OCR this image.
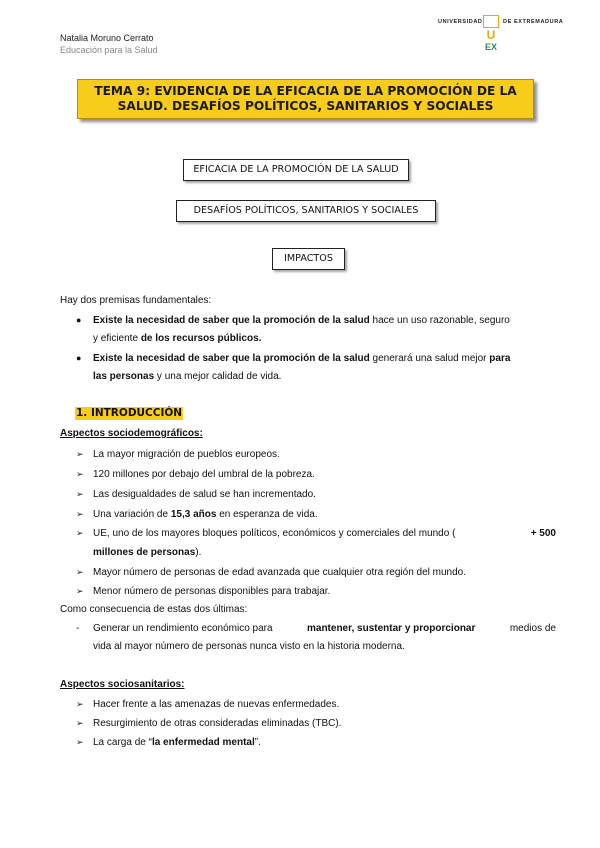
Natalia Moruno Cerrato
Educación para la Salud
UNIVERSIDAD	DE EXTREMADURA
U
EX
TEMA 9: EVIDENCIA DE LA EFICACIA DE LA PROMOCIÓN DE LA
SALUD. DESAFÍOS POLÍTICOS, SANITARIOS Y SOCIALES
EFICACIA DE LA PROMOCIÓN DE LA SALUD
DESAFÍOS POLÍTICOS, SANITARIOS Y SOCIALES
IMPACTOS
Hay dos premisas fundamentales:
● Existe la necesidad de saber que la promoción de la salud hace un uso razonable, seguro
y eficiente de los recursos públicos.
● Existe la necesidad de saber que la promoción de la salud generará una salud mejor para
las personas y una mejor calidad de vida.
1. INTRODUCCIÓN
Aspectos sociodemográficos:
➢ La mayor migración de pueblos europeos.
➢ 120 millones por debajo del umbral de la pobreza.
➢ Las desigualdades de salud se han incrementado.
➢ Una variación de 15,3 años en esperanza de vida.
➢ UE, uno de los mayores bloques políticos, económicos y comerciales del mundo (	+ 500
millones de personas).
➢ Mayor número de personas de edad avanzada que cualquier otra región del mundo.
➢ Menor número de personas disponibles para trabajar.
Como consecuencia de estas dos últimas:
- Generar un rendimiento económico para	mantener, sustentar y proporcionar	medios de
vida al mayor número de personas nunca visto en la historia moderna.
Aspectos sociosanitarios:
➢ Hacer frente a las amenazas de nuevas enfermedades.
➢ Resurgimiento de otras consideradas eliminadas (TBC).
➢ La carga de “la enfermedad mental”.
